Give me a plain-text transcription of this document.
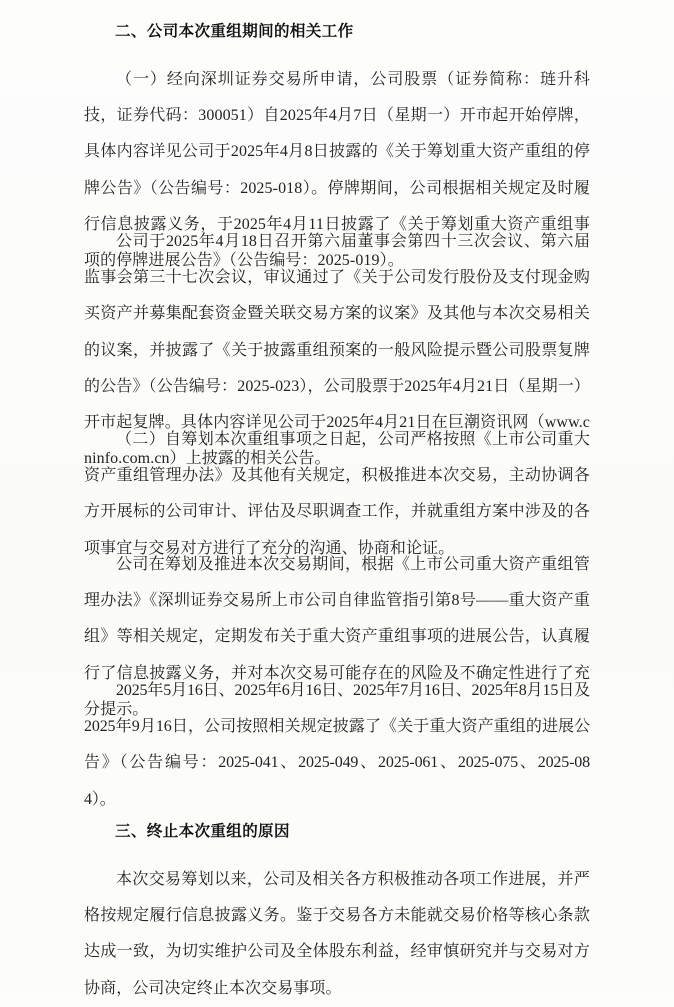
二、公司本次重组期间的相关工作

（一）经向深圳证券交易所申请，公司股票（证券简称：琏升科技，证券代码：300051）自2025年4月7日（星期一）开市起开始停牌，具体内容详见公司于2025年4月8日披露的《关于筹划重大资产重组的停牌公告》（公告编号：2025-018）。停牌期间，公司根据相关规定及时履行信息披露义务，于2025年4月11日披露了《关于筹划重大资产重组事项的停牌进展公告》（公告编号：2025-019）。

公司于2025年4月18日召开第六届董事会第四十三次会议、第六届监事会第三十七次会议，审议通过了《关于公司发行股份及支付现金购买资产并募集配套资金暨关联交易方案的议案》及其他与本次交易相关的议案，并披露了《关于披露重组预案的一般风险提示暨公司股票复牌的公告》（公告编号：2025-023），公司股票于2025年4月21日（星期一）开市起复牌。具体内容详见公司于2025年4月21日在巨潮资讯网（www.cninfo.com.cn）上披露的相关公告。

（二）自筹划本次重组事项之日起，公司严格按照《上市公司重大资产重组管理办法》及其他有关规定，积极推进本次交易，主动协调各方开展标的公司审计、评估及尽职调查工作，并就重组方案中涉及的各项事宜与交易对方进行了充分的沟通、协商和论证。

公司在筹划及推进本次交易期间，根据《上市公司重大资产重组管理办法》《深圳证券交易所上市公司自律监管指引第8号——重大资产重组》等相关规定，定期发布关于重大资产重组事项的进展公告，认真履行了信息披露义务，并对本次交易可能存在的风险及不确定性进行了充分提示。

2025年5月16日、2025年6月16日、2025年7月16日、2025年8月15日及2025年9月16日，公司按照相关规定披露了《关于重大资产重组的进展公告》（公告编号：2025-041、2025-049、2025-061、2025-075、2025-084）。

三、终止本次重组的原因

本次交易筹划以来，公司及相关各方积极推动各项工作进展，并严格按规定履行信息披露义务。鉴于交易各方未能就交易价格等核心条款达成一致，为切实维护公司及全体股东利益，经审慎研究并与交易对方协商，公司决定终止本次交易事项。
